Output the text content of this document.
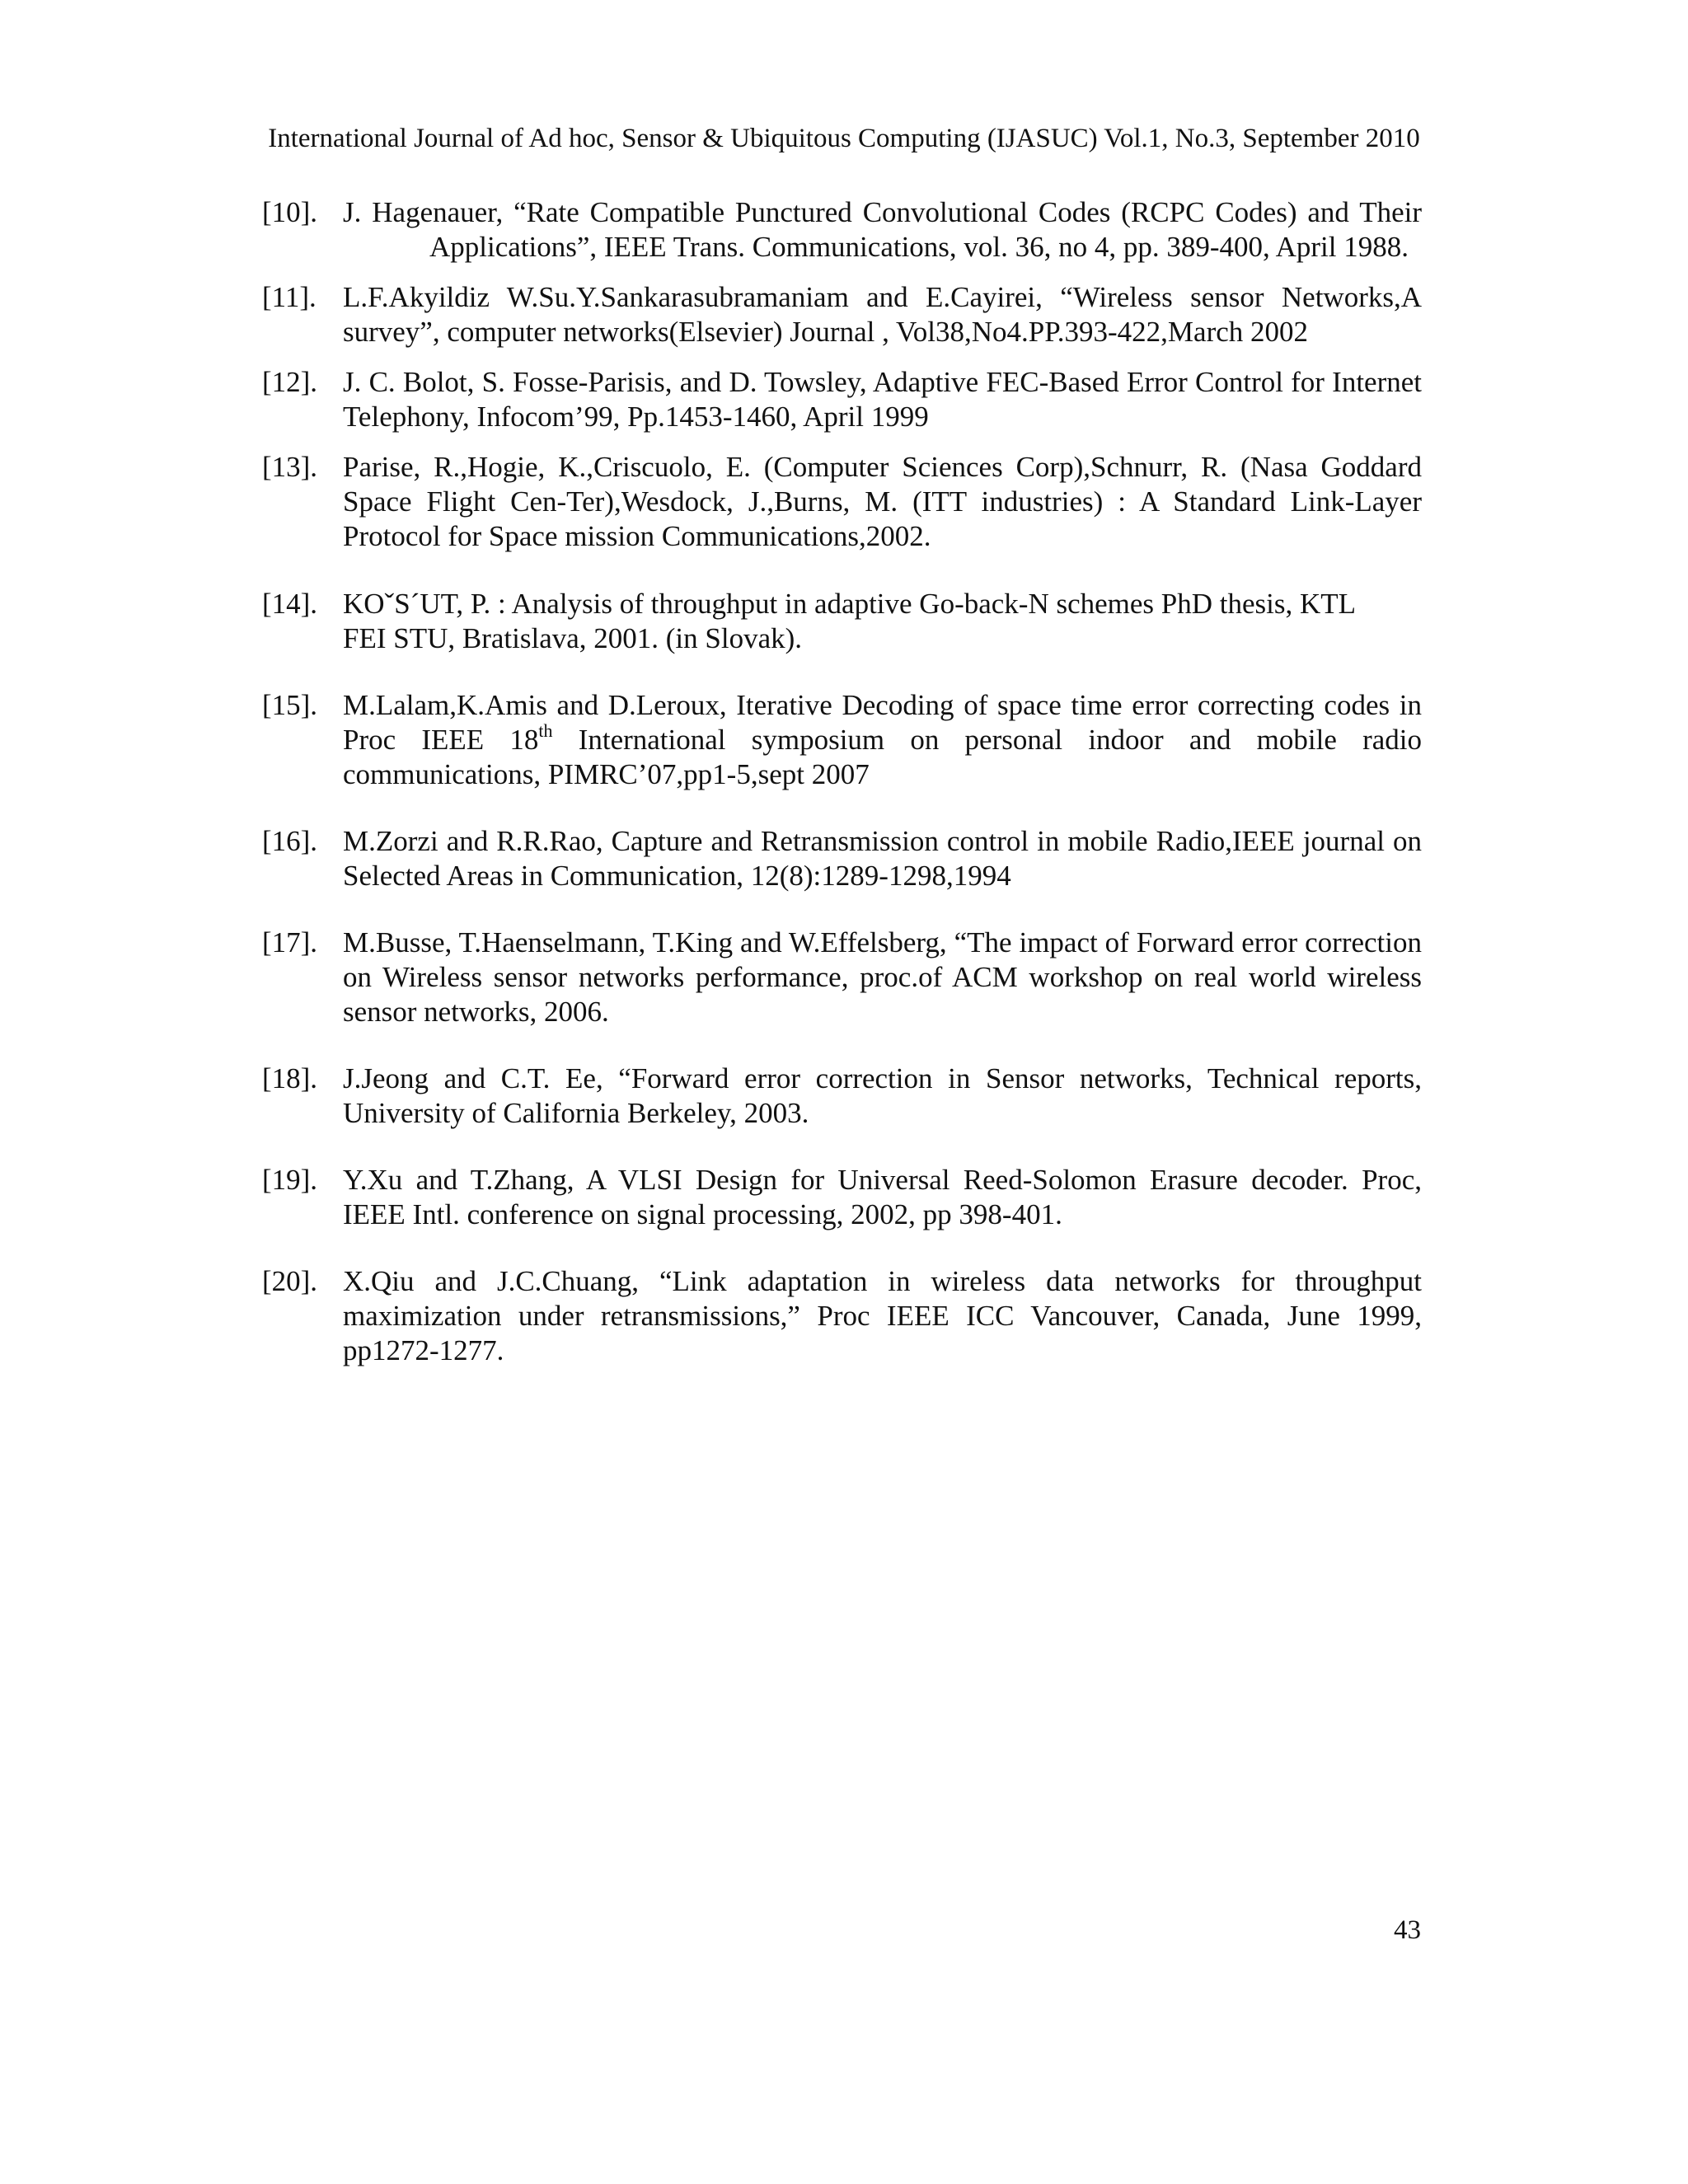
International Journal of Ad hoc, Sensor & Ubiquitous Computing (IJASUC) Vol.1, No.3, September 2010
[10]. J. Hagenauer, “Rate Compatible Punctured Convolutional Codes (RCPC Codes) and TheirApplications”, IEEE Trans. Communications, vol. 36, no 4, pp. 389-400, April 1988.
[11]. L.F.Akyildiz W.Su.Y.Sankarasubramaniam and E.Cayirei, “Wireless sensor Networks,A survey”, computer networks(Elsevier) Journal , Vol38,No4.PP.393-422,March 2002
[12]. J. C. Bolot, S. Fosse-Parisis, and D. Towsley, Adaptive FEC-Based Error Control for Internet Telephony, Infocom’99, Pp.1453-1460, April 1999
[13]. Parise, R.,Hogie, K.,Criscuolo, E. (Computer Sciences Corp),Schnurr, R. (Nasa Goddard Space Flight Cen-Ter),Wesdock, J.,Burns, M. (ITT industries) : A Standard Link-Layer Protocol for Space mission Communications,2002.
[14]. KOˇS´UT, P. : Analysis of throughput in adaptive Go-back-N schemes PhD thesis, KTL
FEI STU, Bratislava, 2001. (in Slovak).
[15]. M.Lalam,K.Amis and D.Leroux, Iterative Decoding of space time error correcting codes in Proc IEEE 18th International symposium on personal indoor and mobile radio communications, PIMRC’07,pp1-5,sept 2007
[16]. M.Zorzi and R.R.Rao, Capture and Retransmission control in mobile Radio,IEEE journal on Selected Areas in Communication, 12(8):1289-1298,1994
[17]. M.Busse, T.Haenselmann, T.King and W.Effelsberg, “The impact of Forward error correction on Wireless sensor networks performance, proc.of ACM workshop on real world wireless sensor networks, 2006.
[18]. J.Jeong and C.T. Ee, “Forward error correction in Sensor networks, Technical reports, University of California Berkeley, 2003.
[19]. Y.Xu and T.Zhang, A VLSI Design for Universal Reed-Solomon Erasure decoder. Proc, IEEE Intl. conference on signal processing, 2002, pp 398-401.
[20]. X.Qiu and J.C.Chuang, “Link adaptation in wireless data networks for throughput maximization under retransmissions,” Proc IEEE ICC Vancouver, Canada, June 1999, pp1272-1277.
43
